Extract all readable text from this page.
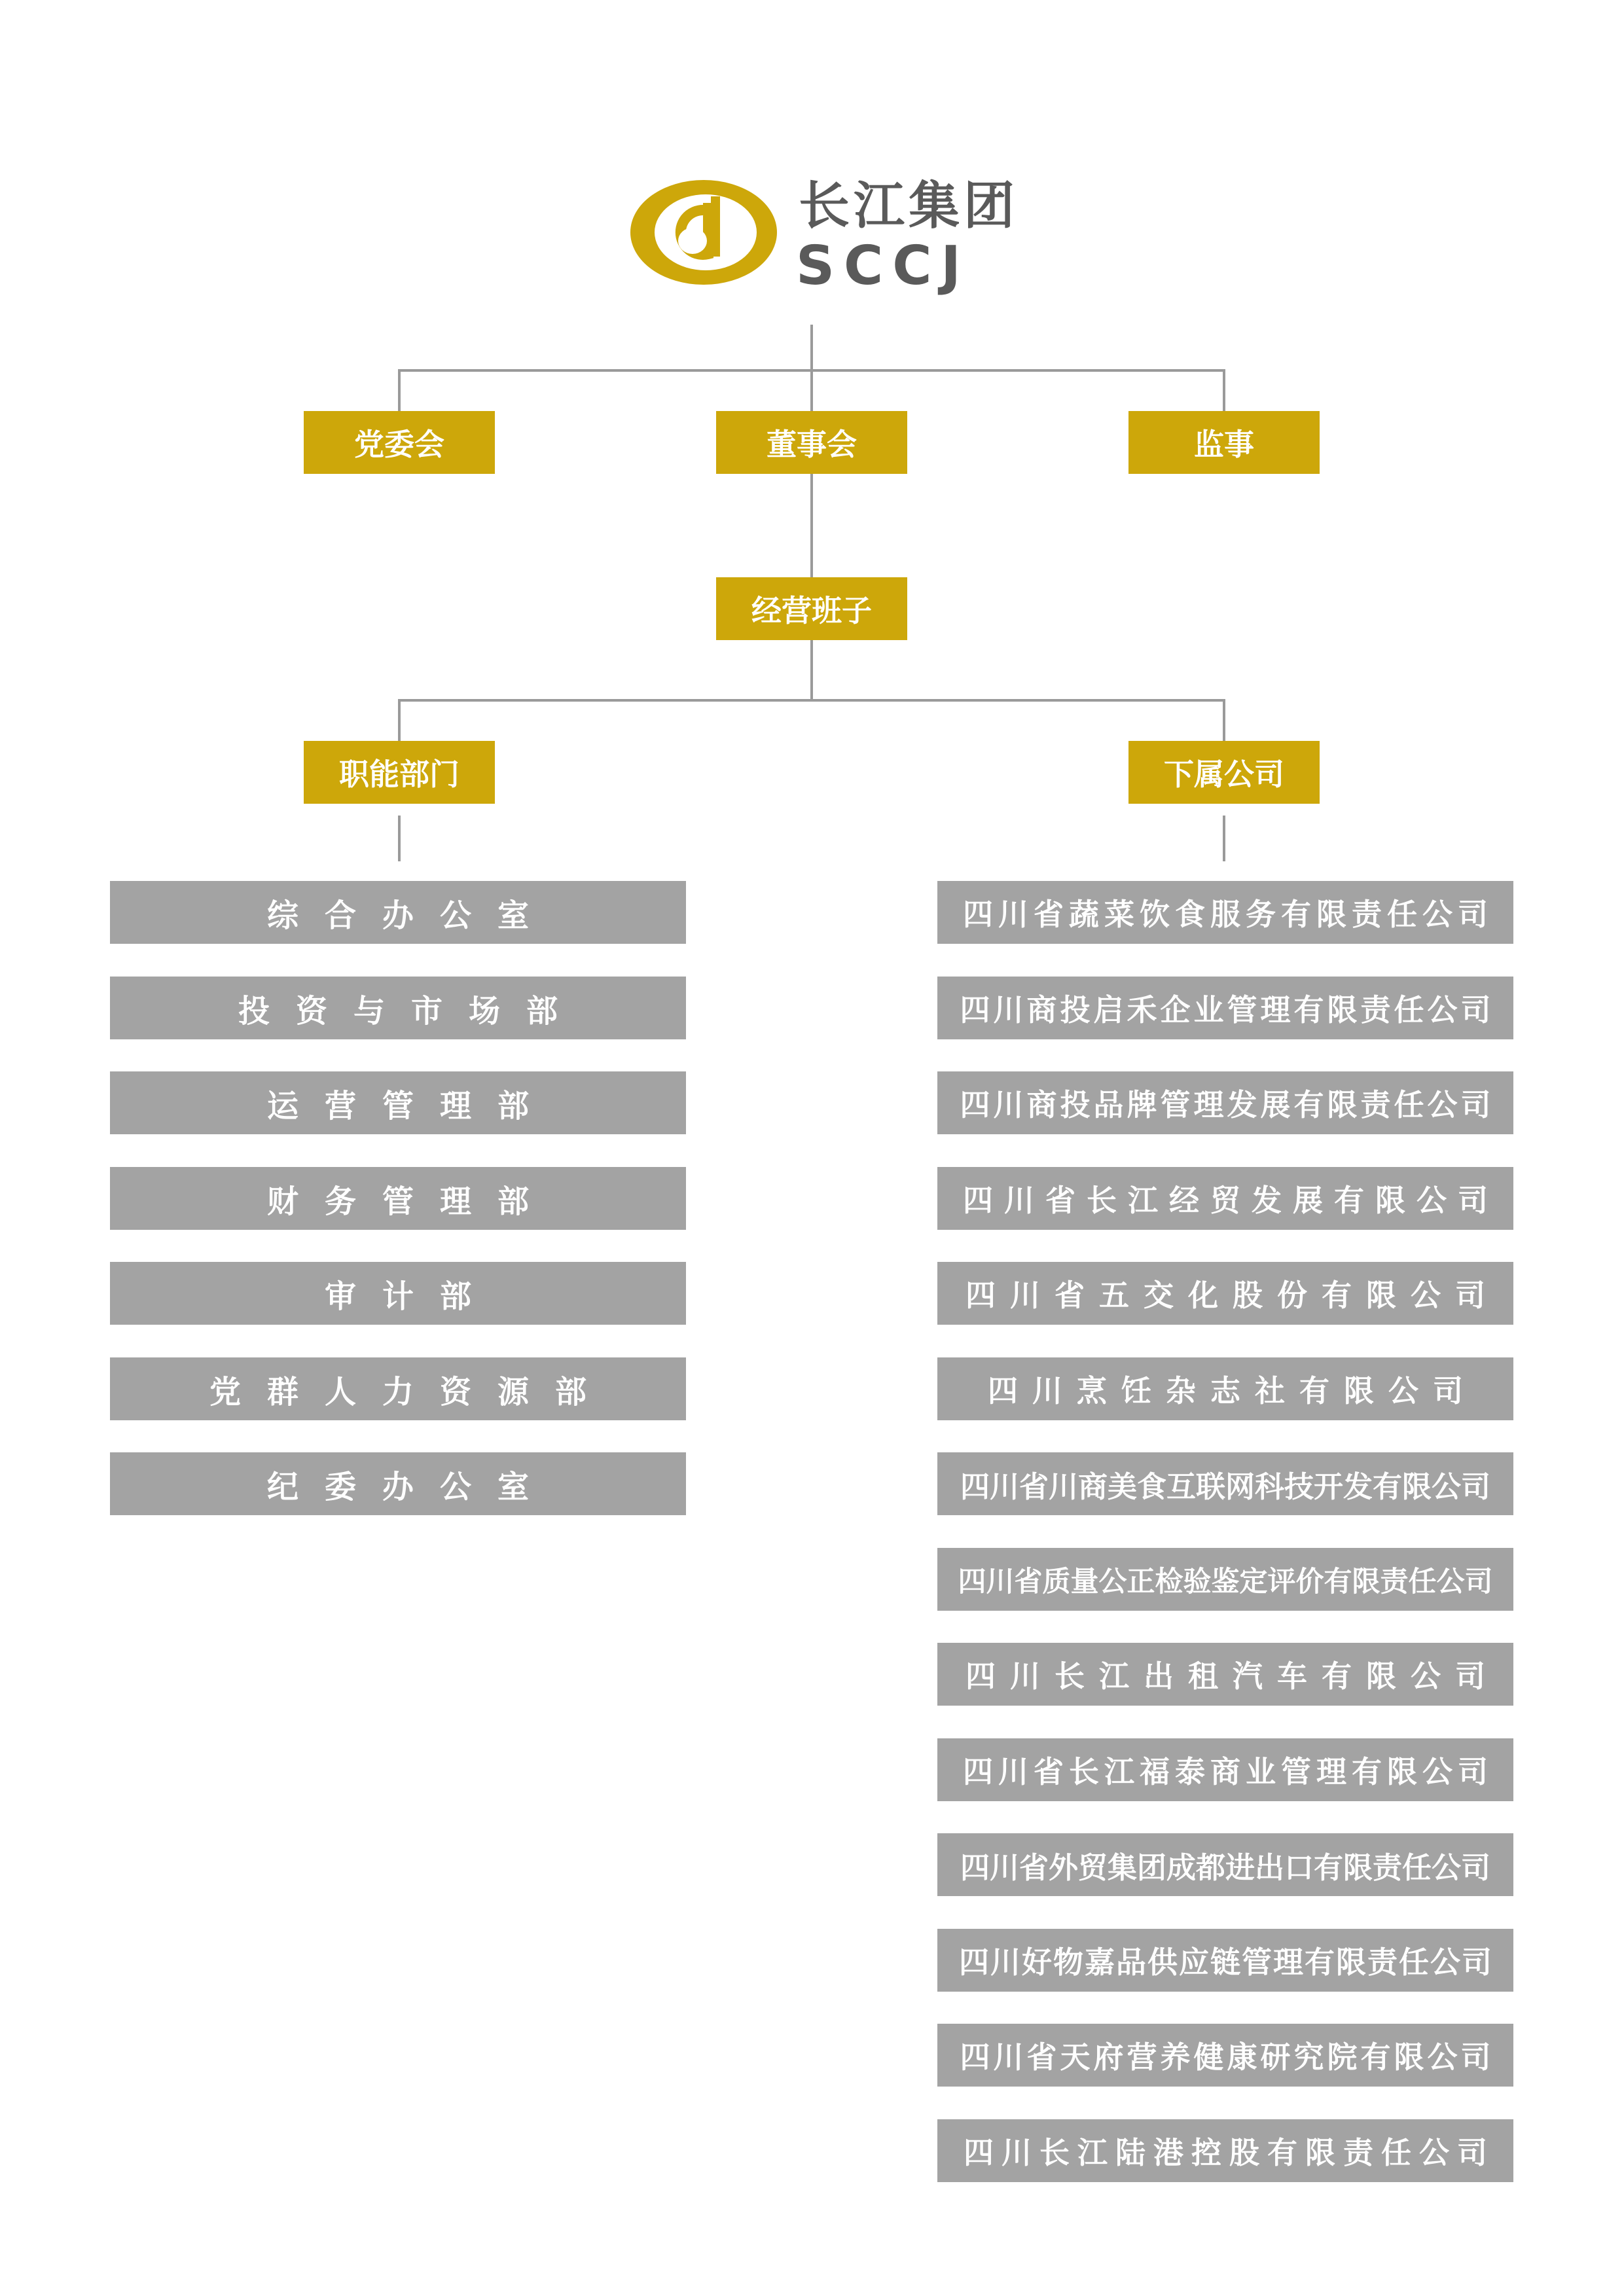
长江集团
SCCJ
党委会	董事会	监事
经营班子
职能部门	下属公司
综合办公室
投资与市场部
运营管理部
财务管理部
审计部
党群人力资源部
纪委办公室
四川省蔬菜饮食服务有限责任公司
四川商投启禾企业管理有限责任公司
四川商投品牌管理发展有限责任公司
四川省长江经贸发展有限公司
四川省五交化股份有限公司
四川烹饪杂志社有限公司
四川省川商美食互联网科技开发有限公司
四川省质量公正检验鉴定评价有限责任公司
四川长江出租汽车有限公司
四川省长江福泰商业管理有限公司
四川省外贸集团成都进出口有限责任公司
四川好物嘉品供应链管理有限责任公司
四川省天府营养健康研究院有限公司
四川长江陆港控股有限责任公司
